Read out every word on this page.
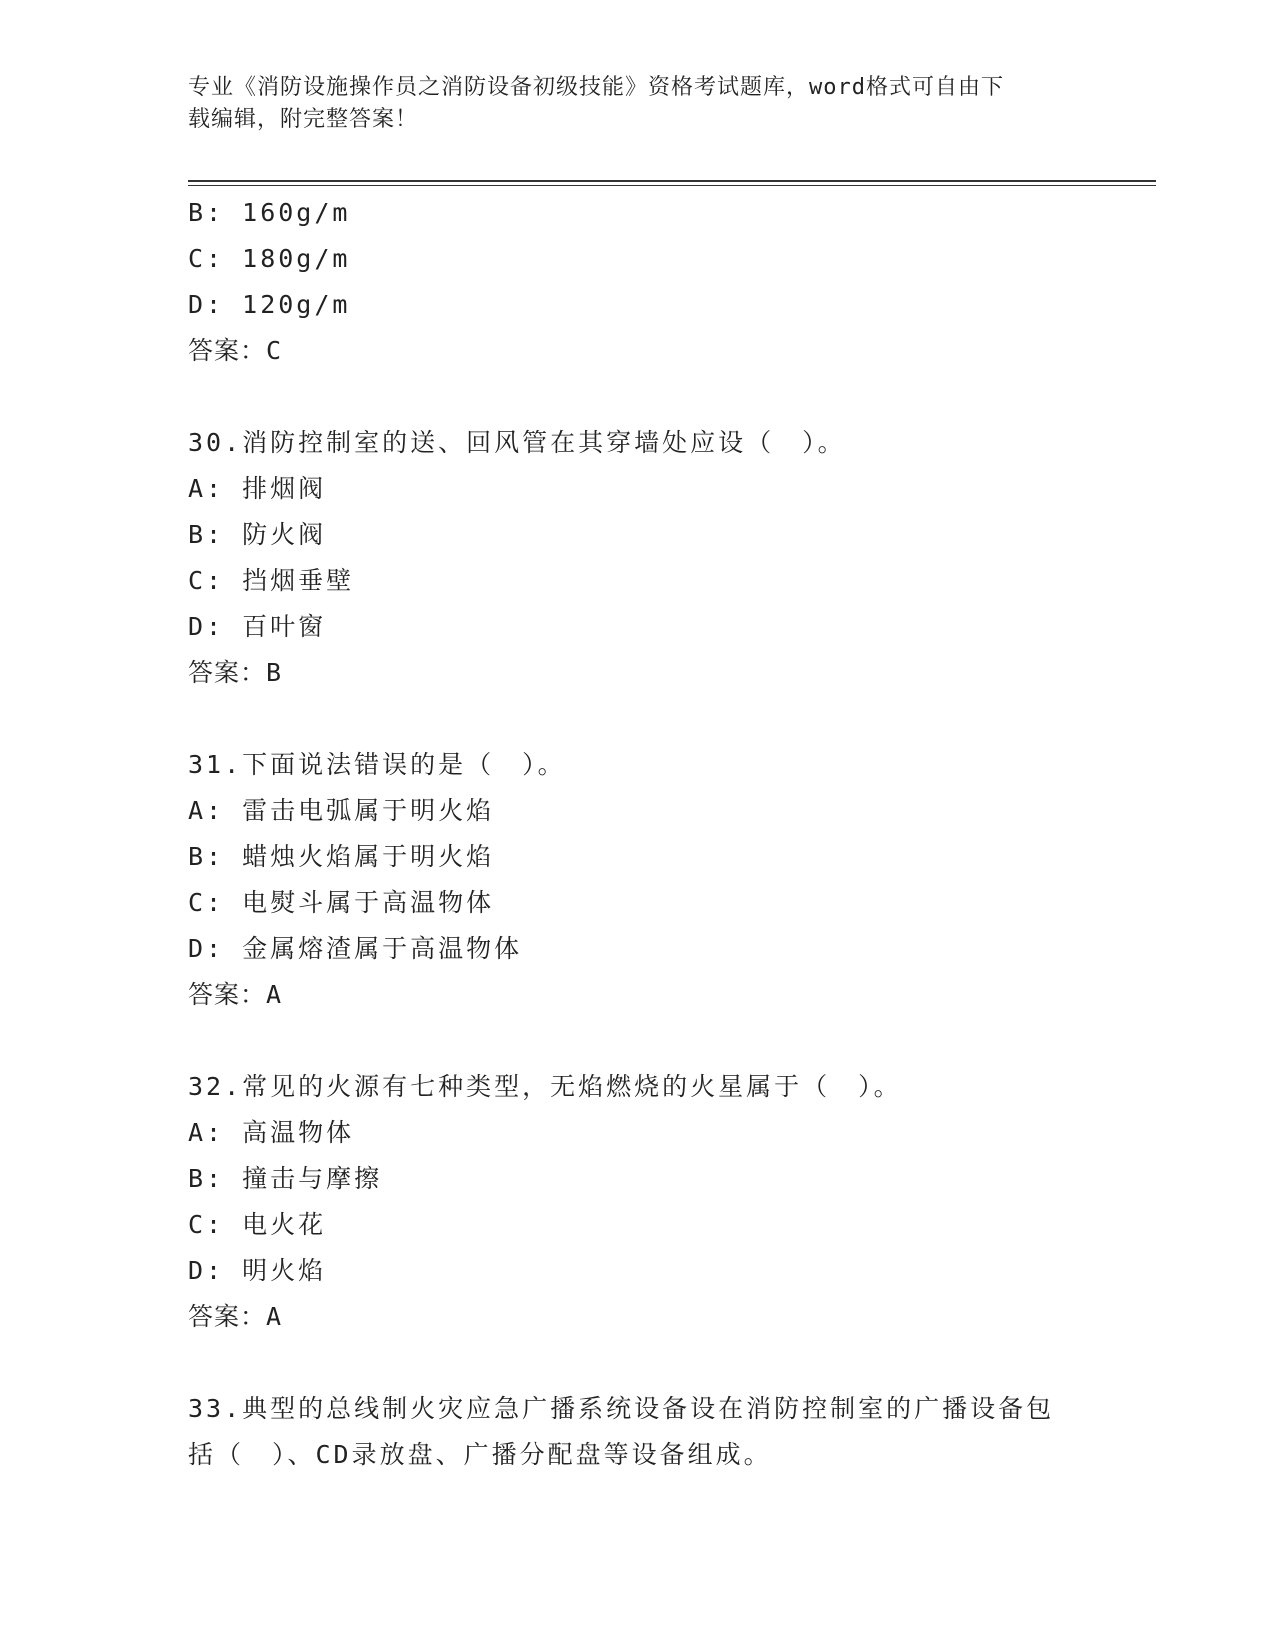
专业《消防设施操作员之消防设备初级技能》资格考试题库，word格式可自由下
载编辑，附完整答案！
B: 160g/m
C: 180g/m
D: 120g/m
答案：C
30.消防控制室的送、回风管在其穿墙处应设（　）。
A: 排烟阀
B: 防火阀
C: 挡烟垂壁
D: 百叶窗
答案：B
31.下面说法错误的是（　）。
A: 雷击电弧属于明火焰
B: 蜡烛火焰属于明火焰
C: 电熨斗属于高温物体
D: 金属熔渣属于高温物体
答案：A
32.常见的火源有七种类型，无焰燃烧的火星属于（　）。
A: 高温物体
B: 撞击与摩擦
C: 电火花
D: 明火焰
答案：A
33.典型的总线制火灾应急广播系统设备设在消防控制室的广播设备包
括（　）、CD录放盘、广播分配盘等设备组成。
